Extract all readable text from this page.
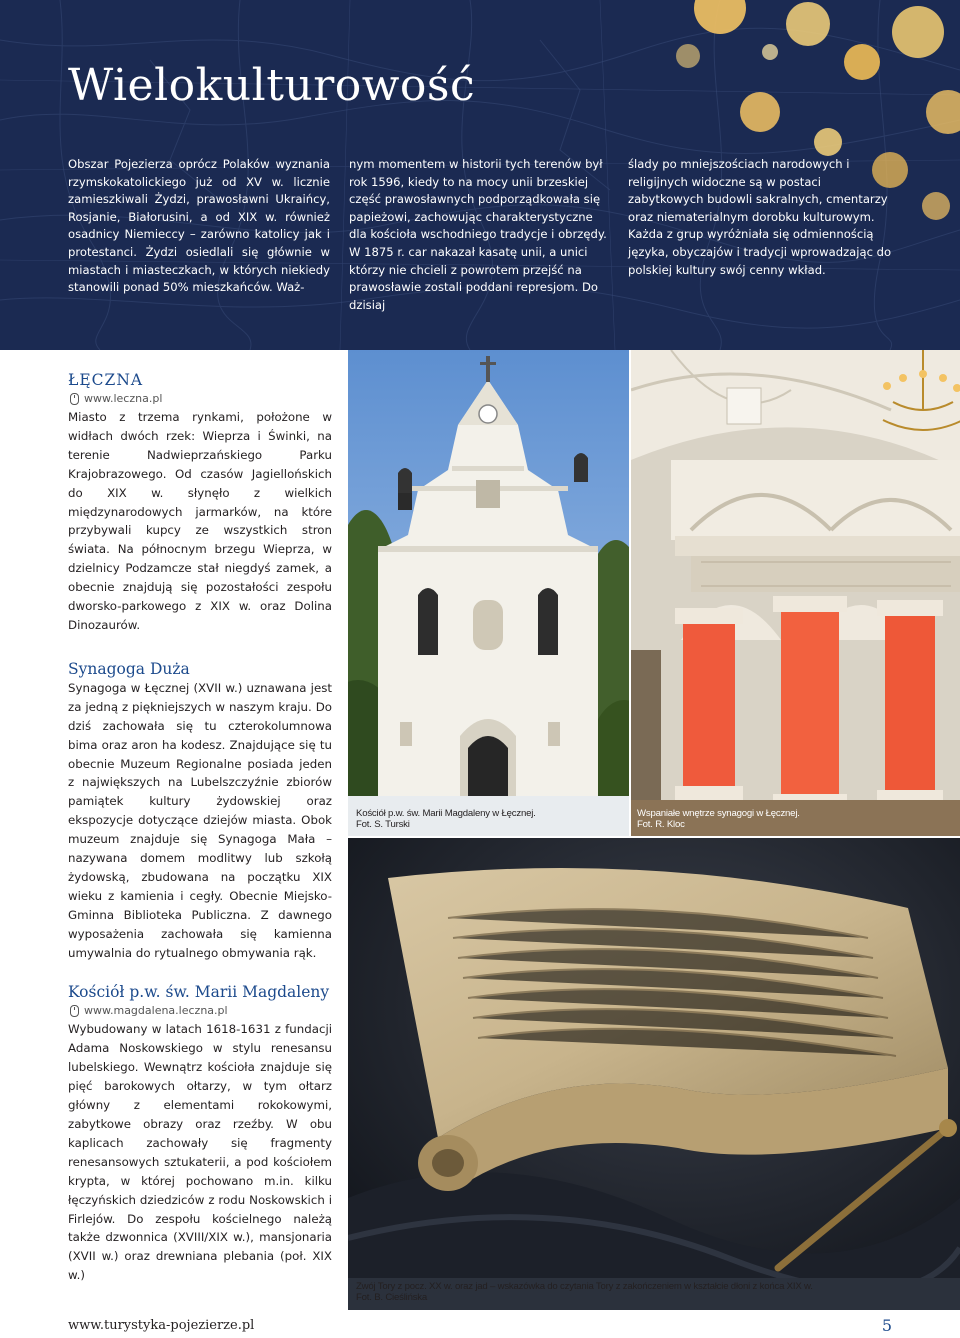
Wielokulturowość

Obszar Pojezierza oprócz Polaków wyznania rzymskokatolickiego już od XV w. licznie zamieszkiwali Żydzi, prawosławni Ukraińcy, Rosjanie, Białorusini, a od XIX w. również osadnicy Niemieccy – zarówno katolicy jak i protestanci. Żydzi osiedlali się głównie w miastach i miasteczkach, w których niekiedy stanowili ponad 50% mieszkańców. Waż-

nym momentem w historii tych terenów był rok 1596, kiedy to na mocy unii brzeskiej część prawosławnych podporządkowała się papieżowi, zachowując charakterystyczne dla kościoła wschodniego tradycje i obrzędy. W 1875 r. car nakazał kasatę unii, a unici którzy nie chcieli z powrotem przejść na prawosławie zostali poddani represjom. Do dzisiaj

ślady po mniejszościach narodowych i religijnych widoczne są w postaci zabytkowych budowli sakralnych, cmentarzy oraz niematerialnym dorobku kulturowym. Każda z grup wyróżniała się odmiennością języka, obyczajów i tradycji wprowadzając do polskiej kultury swój cenny wkład.

ŁĘCZNA
www.leczna.pl

Miasto z trzema rynkami, położone w widłach dwóch rzek: Wieprza i Świnki, na terenie Nadwieprzańskiego Parku Krajobrazowego. Od czasów Jagiellońskich do XIX w. słynęło z wielkich międzynarodowych jarmarków, na które przybywali kupcy ze wszystkich stron świata. Na północnym brzegu Wieprza, w dzielnicy Podzamcze stał niegdyś zamek, a obecnie znajdują się pozostałości zespołu dworsko-parkowego z XIX w. oraz Dolina Dinozaurów.

Synagoga Duża

Synagoga w Łęcznej (XVII w.) uznawana jest za jedną z piękniejszych w naszym kraju. Do dziś zachowała się tu czterokolumnowa bima oraz aron ha kodesz. Znajdujące się tu obecnie Muzeum Regionalne posiada jeden z największych na Lubelszczyźnie zbiorów pamiątek kultury żydowskiej oraz ekspozycje dotyczące dziejów miasta. Obok muzeum znajduje się Synagoga Mała – nazywana domem modlitwy lub szkołą żydowską, zbudowana na początku XIX wieku z kamienia i cegły. Obecnie Miejsko-Gminna Biblioteka Publiczna. Z dawnego wyposażenia zachowała się kamienna umywalnia do rytualnego obmywania rąk.

Kościół p.w. św. Marii Magdaleny
www.magdalena.leczna.pl

Wybudowany w latach 1618-1631 z fundacji Adama Noskowskiego w stylu renesansu lubelskiego. Wewnątrz kościoła znajduje się pięć barokowych ołtarzy, w tym ołtarz główny z elementami rokokowymi, zabytkowe obrazy oraz rzeźby. W obu kaplicach zachowały się fragmenty renesansowych sztukaterii, a pod kościołem krypta, w której pochowano m.in. kilku łęczyńskich dziedziców z rodu Noskowskich i Firlejów. Do zespołu kościelnego należą także dzwonnica (XVIII/XIX w.), mansjonaria (XVII w.) oraz drewniana plebania (poł. XIX w.)

Kościół p.w. św. Marii Magdaleny w Łęcznej.
Fot. S. Turski
Wspaniałe wnętrze synagogi w Łęcznej.
Fot. R. Kloc
Zwój Tory z pocz. XX w. oraz jad – wskazówka do czytania Tory z zakończeniem w kształcie dłoni z końca XIX w.
Fot. B. Cieślińska

www.turystyka-pojezierze.pl	5
